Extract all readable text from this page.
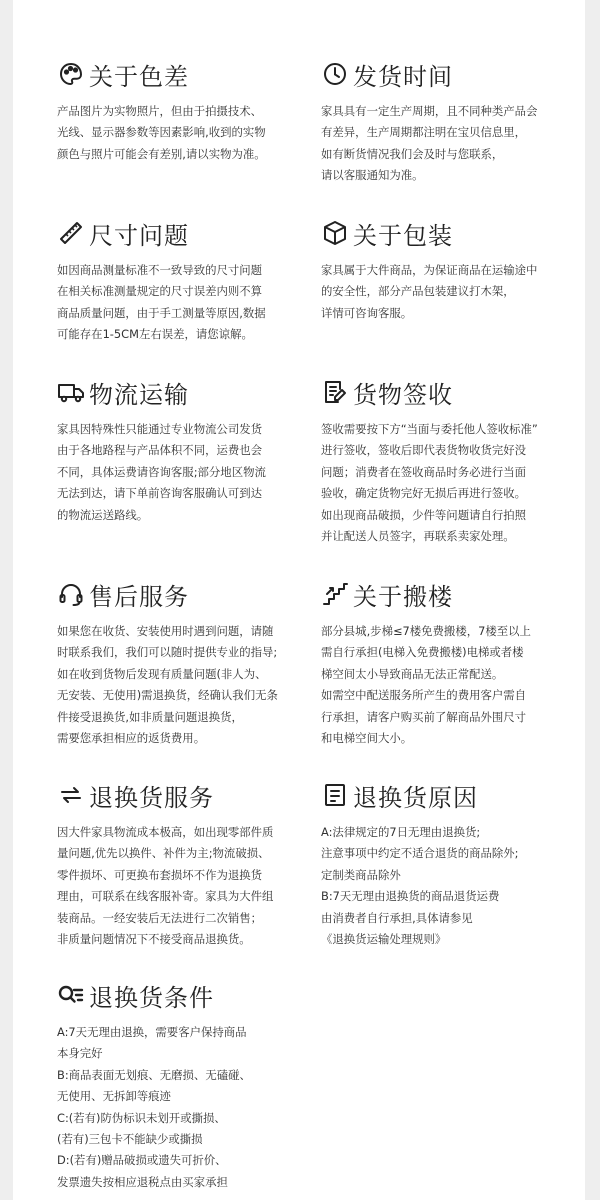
关于色差
产品图片为实物照片，但由于拍摄技术、
光线、显示器参数等因素影响,收到的实物
颜色与照片可能会有差别,请以实物为准。
发货时间
家具具有一定生产周期，且不同种类产品会
有差异，生产周期都注明在宝贝信息里，
如有断货情况我们会及时与您联系，
请以客服通知为准。
尺寸问题
如因商品测量标准不一致导致的尺寸问题
在相关标准测量规定的尺寸误差内则不算
商品质量问题，由于手工测量等原因,数据
可能存在1-5CM左右误差，请您谅解。
关于包装
家具属于大件商品，为保证商品在运输途中
的安全性，部分产品包装建议打木架，
详情可咨询客服。
物流运输
家具因特殊性只能通过专业物流公司发货
由于各地路程与产品体积不同，运费也会
不同，具体运费请咨询客服;部分地区物流
无法到达，请下单前咨询客服确认可到达
的物流运送路线。
货物签收
签收需要按下方“当面与委托他人签收标准”
进行签收，签收后即代表货物收货完好没
问题；消费者在签收商品时务必进行当面
验收，确定货物完好无损后再进行签收。
如出现商品破损，少件等问题请自行拍照
并让配送人员签字，再联系卖家处理。
售后服务
如果您在收货、安装使用时遇到问题，请随
时联系我们，我们可以随时提供专业的指导;
如在收到货物后发现有质量问题(非人为、
无安装、无使用)需退换货，经确认我们无条
件接受退换货,如非质量问题退换货，
需要您承担相应的返货费用。
关于搬楼
部分县城,步梯≤7楼免费搬楼，7楼至以上
需自行承担(电梯入免费搬楼)电梯或者楼
梯空间太小导致商品无法正常配送。
如需空中配送服务所产生的费用客户需自
行承担，请客户购买前了解商品外围尺寸
和电梯空间大小。
退换货服务
因大件家具物流成本极高，如出现零部件质
量问题,优先以换件、补件为主;物流破损、
零件损坏、可更换布套损坏不作为退换货
理由，可联系在线客服补寄。家具为大件组
装商品。一经安装后无法进行二次销售；
非质量问题情况下不接受商品退换货。
退换货原因
A:法律规定的7日无理由退换货;
注意事项中约定不适合退货的商品除外;
定制类商品除外
B:7天无理由退换货的商品退货运费
由消费者自行承担,具体请参见
《退换货运输处理规则》
退换货条件
A:7天无理由退换，需要客户保持商品
本身完好
B:商品表面无划痕、无磨损、无磕碰、
无使用、无拆卸等痕迹
C:(若有)防伪标识未划开或撕损、
(若有)三包卡不能缺少或撕损
D:(若有)赠品破损或遗失可折价、
发票遗失按相应退税点由买家承担
